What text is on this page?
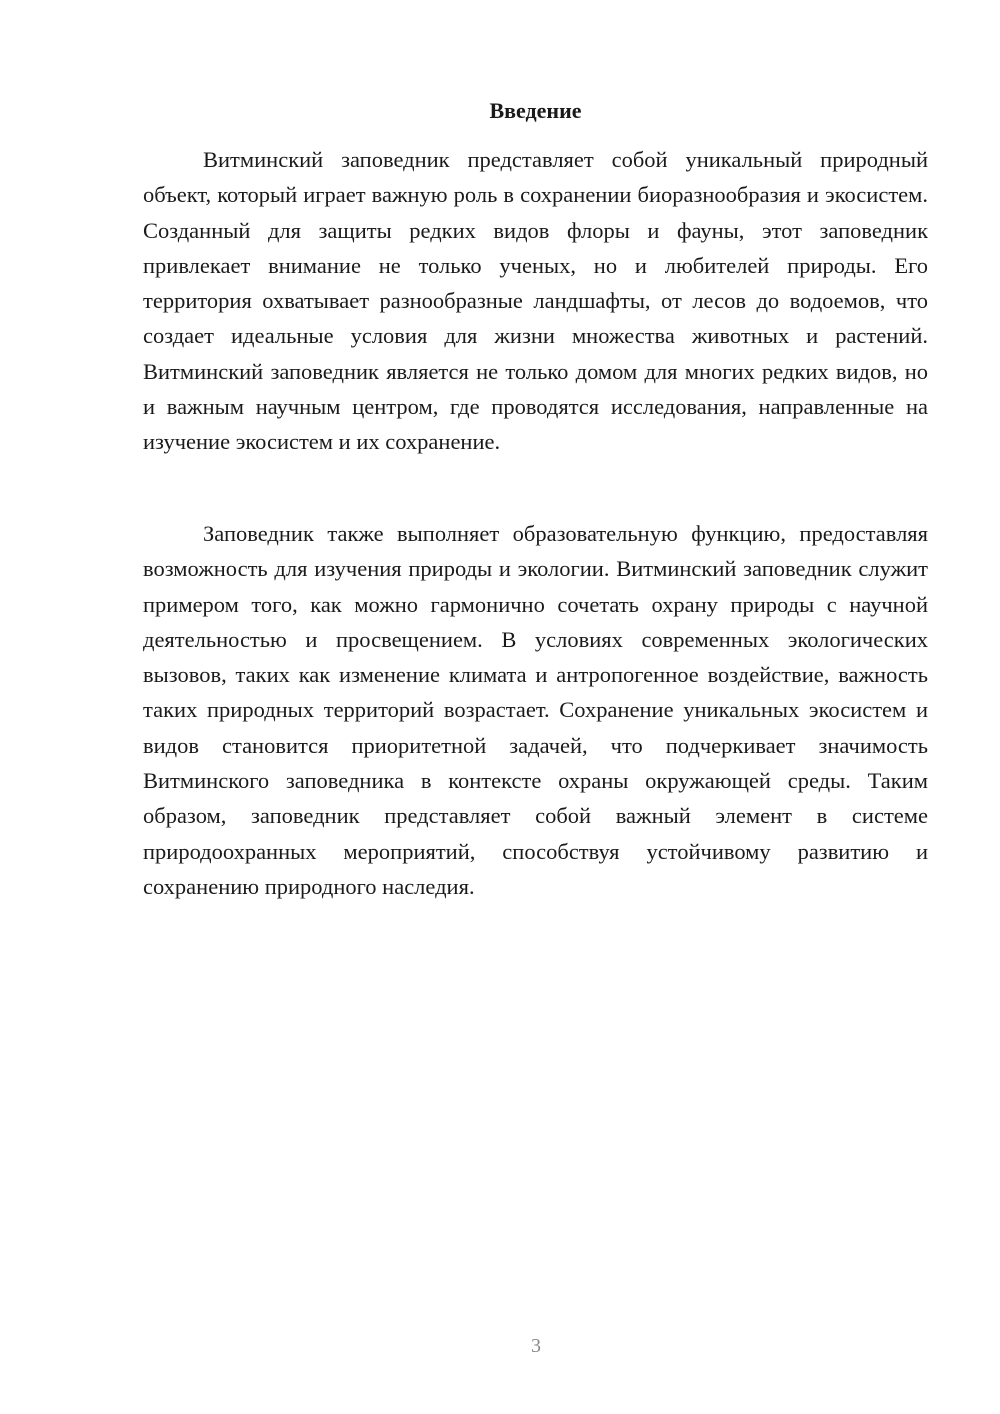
Введение

Витминский заповедник представляет собой уникальный природный объект, который играет важную роль в сохранении биоразнообразия и экосистем. Созданный для защиты редких видов флоры и фауны, этот заповедник привлекает внимание не только ученых, но и любителей природы. Его территория охватывает разнообразные ландшафты, от лесов до водоемов, что создает идеальные условия для жизни множества животных и растений. Витминский заповедник является не только домом для многих редких видов, но и важным научным центром, где проводятся исследования, направленные на изучение экосистем и их сохранение.

Заповедник также выполняет образовательную функцию, предоставляя возможность для изучения природы и экологии. Витминский заповедник служит примером того, как можно гармонично сочетать охрану природы с научной деятельностью и просвещением. В условиях современных экологических вызовов, таких как изменение климата и антропогенное воздействие, важность таких природных территорий возрастает. Сохранение уникальных экосистем и видов становится приоритетной задачей, что подчеркивает значимость Витминского заповедника в контексте охраны окружающей среды. Таким образом, заповедник представляет собой важный элемент в системе природоохранных мероприятий, способствуя устойчивому развитию и сохранению природного наследия.

3
